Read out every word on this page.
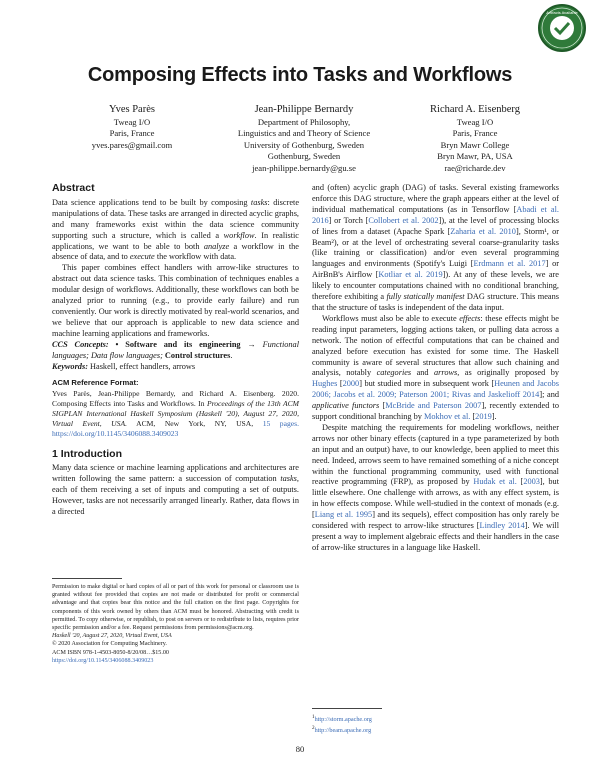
Artifacts Available
Composing Effects into Tasks and Workflows
Yves Parès
Tweag I/O
Paris, France
yves.pares@gmail.com
Jean-Philippe Bernardy
Department of Philosophy,
Linguistics and and Theory of Science
University of Gothenburg, Sweden
Gothenburg, Sweden
jean-philippe.bernardy@gu.se
Richard A. Eisenberg
Tweag I/O
Paris, France
Bryn Mawr College
Bryn Mawr, PA, USA
rae@richarde.dev
Abstract

Data science applications tend to be built by composing tasks: discrete manipulations of data. These tasks are arranged in directed acyclic graphs, and many frameworks exist within the data science community supporting such a structure, which is called a workflow. In realistic applications, we want to be able to both analyze a workflow in the absence of data, and to execute the workflow with data.

This paper combines effect handlers with arrow-like structures to abstract out data science tasks. This combination of techniques enables a modular design of workflows. Additionally, these workflows can both be analyzed prior to running (e.g., to provide early failure) and run conveniently. Our work is directly motivated by real-world scenarios, and we believe that our approach is applicable to new data science and machine learning applications and frameworks.

CCS Concepts: • Software and its engineering → Functional languages; Data flow languages; Control structures.

Keywords: Haskell, effect handlers, arrows

ACM Reference Format:

Yves Parès, Jean-Philippe Bernardy, and Richard A. Eisenberg. 2020. Composing Effects into Tasks and Workflows. In Proceedings of the 13th ACM SIGPLAN International Haskell Symposium (Haskell '20), August 27, 2020, Virtual Event, USA. ACM, New York, NY, USA, 15 pages. https://doi.org/10.1145/3406088.3409023

1 Introduction

Many data science or machine learning applications and architectures are written following the same pattern: a succession of computation tasks, each of them receiving a set of inputs and computing a set of outputs. However, tasks are not necessarily arranged linearly. Rather, data flows in a directed

Permission to make digital or hard copies of all or part of this work for personal or classroom use is granted without fee provided that copies are not made or distributed for profit or commercial advantage and that copies bear this notice and the full citation on the first page. Copyrights for components of this work owned by others than ACM must be honored. Abstracting with credit is permitted. To copy otherwise, or republish, to post on servers or to redistribute to lists, requires prior specific permission and/or a fee. Request permissions from permissions@acm.org.
Haskell '20, August 27, 2020, Virtual Event, USA
© 2020 Association for Computing Machinery.
ACM ISBN 978-1-4503-8050-8/20/08…$15.00
https://doi.org/10.1145/3406088.3409023

and (often) acyclic graph (DAG) of tasks. Several existing frameworks enforce this DAG structure, where the graph appears either at the level of individual mathematical computations (as in Tensorflow [Abadi et al. 2016] or Torch [Collobert et al. 2002]), at the level of processing blocks of lines from a dataset (Apache Spark [Zaharia et al. 2010], Storm¹, or Beam²), or at the level of orchestrating several coarse-granularity tasks (like training or classification) and/or even several programming languages and environments (Spotify's Luigi [Erdmann et al. 2017] or AirBnB's Airflow [Kotliar et al. 2019]). At any of these levels, we are likely to encounter computations chained with no conditional branching, therefore exhibiting a fully statically manifest DAG structure. This means that the structure of tasks is independent of the data input.

Workflows must also be able to execute effects: these effects might be reading input parameters, logging actions taken, or pulling data across a network. The notion of effectful computations that can be chained and analyzed before execution has existed for some time. The Haskell community is aware of several structures that allow such chaining and analysis, notably categories and arrows, as originally proposed by Hughes [2000] but studied more in subsequent work [Heunen and Jacobs 2006; Jacobs et al. 2009; Paterson 2001; Rivas and Jaskelioff 2014]; and applicative functors [McBride and Paterson 2007], recently extended to support conditional branching by Mokhov et al. [2019].

Despite matching the requirements for modeling workflows, neither arrows nor other binary effects (captured in a type parameterized by both an input and an output) have, to our knowledge, been applied to meet this need. Indeed, arrows seem to have remained something of a niche concept within the functional programming community, used with functional reactive programming (FRP), as proposed by Hudak et al. [2003], but little elsewhere. One challenge with arrows, as with any effect system, is in how effects compose. While well-studied in the context of monads (e.g. [Liang et al. 1995] and its sequels), effect composition has only rarely be considered with respect to arrow-like structures [Lindley 2014]. We will present a way to implement algebraic effects and their handlers in the case of arrow-like structures in a language like Haskell.

$^1$http://storm.apache.org
$^2$http://beam.apache.org
80
